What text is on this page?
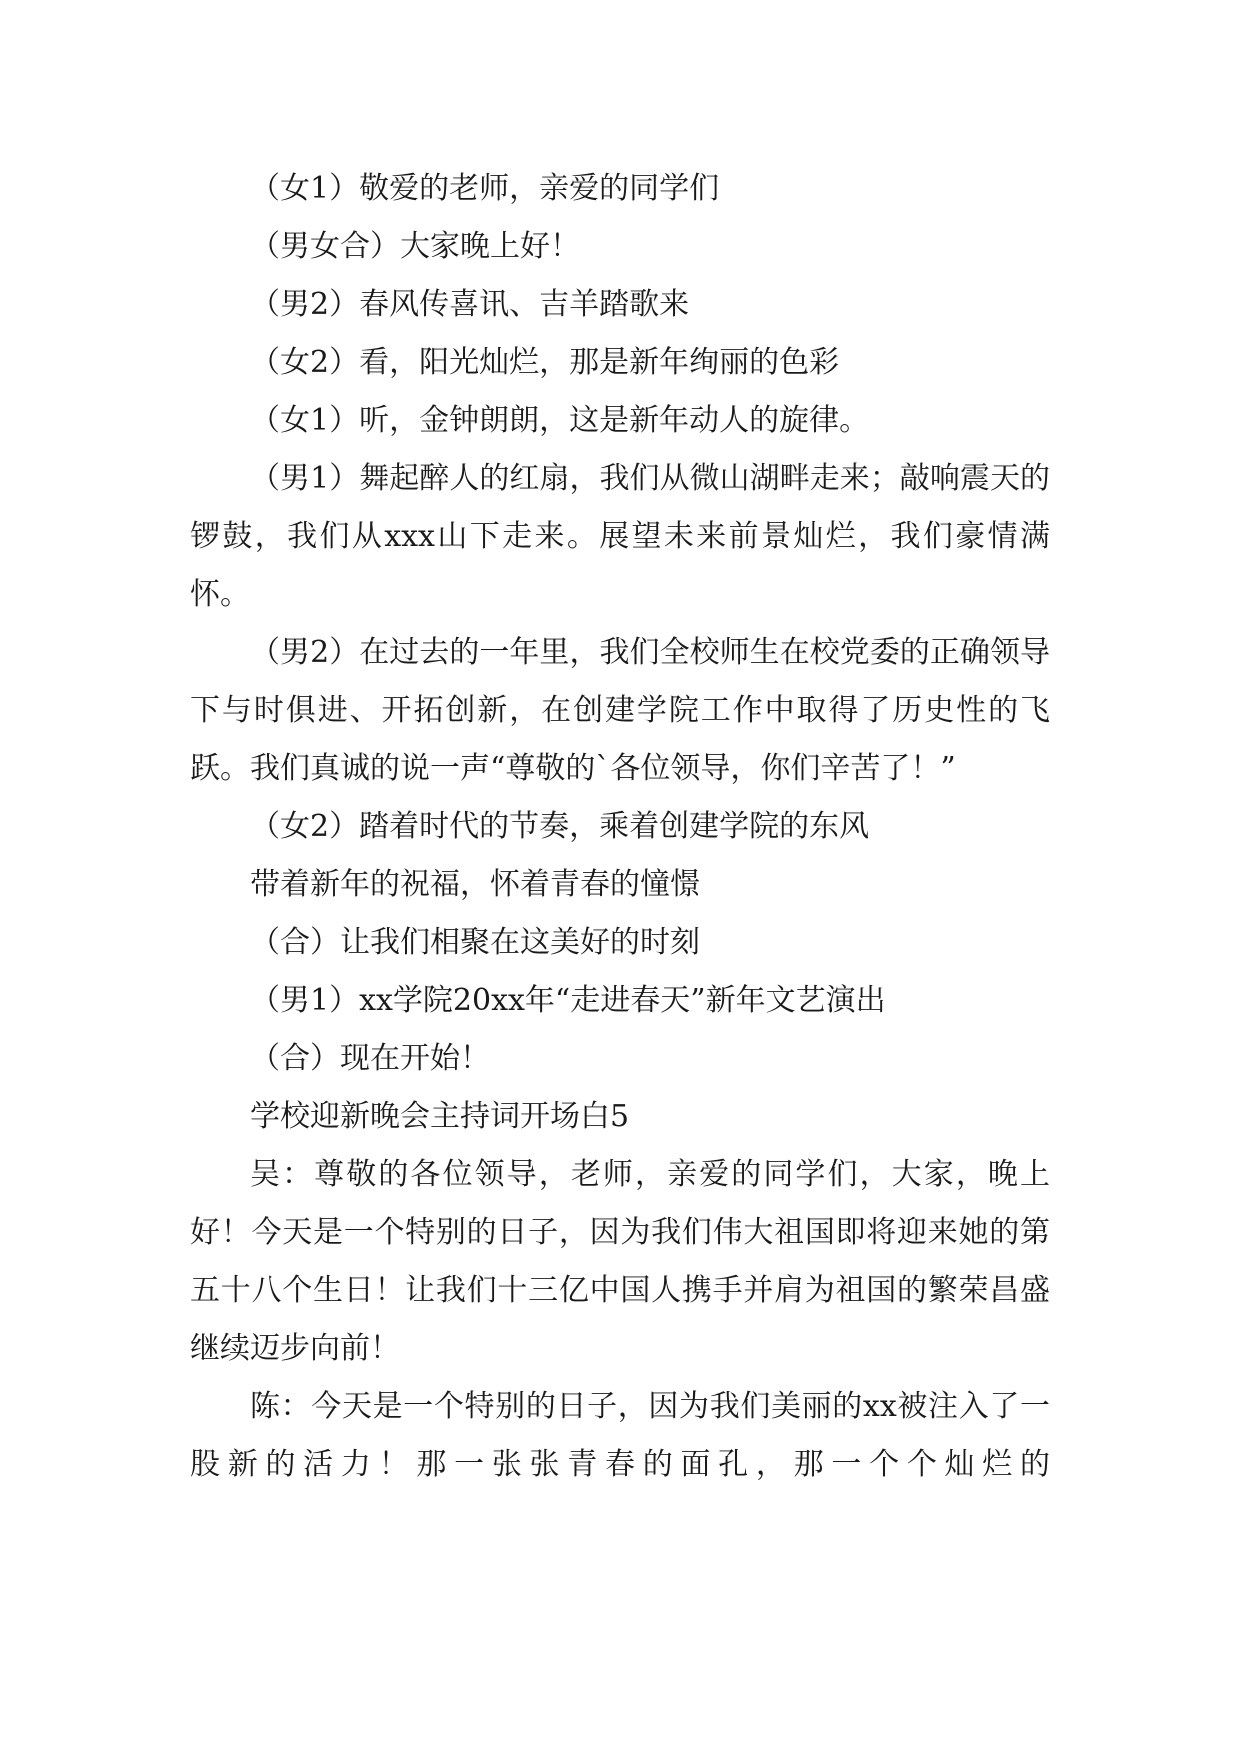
（女1）敬爱的老师，亲爱的同学们

（男女合）大家晚上好！

（男2）春风传喜讯、吉羊踏歌来

（女2）看，阳光灿烂，那是新年绚丽的色彩

（女1）听，金钟朗朗，这是新年动人的旋律。

（男1）舞起醉人的红扇，我们从微山湖畔走来；敲响震天的锣鼓，我们从xxx山下走来。展望未来前景灿烂，我们豪情满怀。

（男2）在过去的一年里，我们全校师生在校党委的正确领导下与时俱进、开拓创新，在创建学院工作中取得了历史性的飞跃。我们真诚的说一声“尊敬的`各位领导，你们辛苦了！”

（女2）踏着时代的节奏，乘着创建学院的东风

带着新年的祝福，怀着青春的憧憬

（合）让我们相聚在这美好的时刻

（男1）xx学院20xx年“走进春天”新年文艺演出

（合）现在开始！

学校迎新晚会主持词开场白5

吴：尊敬的各位领导，老师，亲爱的同学们，大家，晚上好！今天是一个特别的日子，因为我们伟大祖国即将迎来她的第五十八个生日！让我们十三亿中国人携手并肩为祖国的繁荣昌盛继续迈步向前！

陈：今天是一个特别的日子，因为我们美丽的xx被注入了一股新的活力！那一张张青春的面孔，那一个个灿烂的
